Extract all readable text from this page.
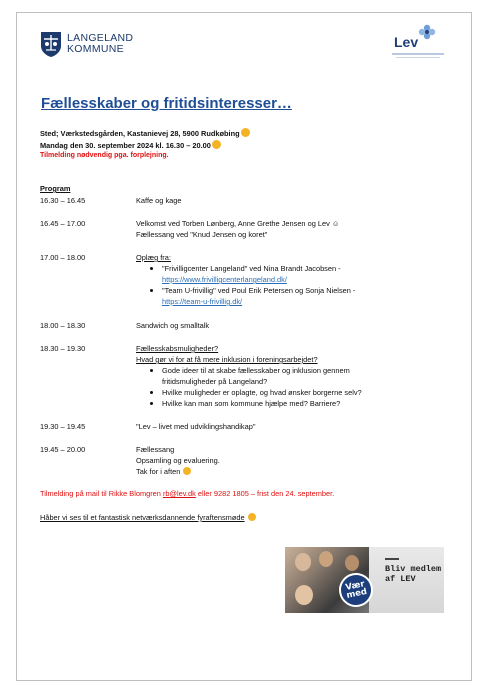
LANGELAND
KOMMUNE	Lev
Fællesskaber og fritidsinteresser…
Sted; Værkstedsgården, Kastanievej 28, 5900 Rudkøbing
Mandag den 30. september 2024 kl. 16.30 – 20.00
Tilmelding nødvendig pga. forplejning.
Program
16.30 – 16.45	Kaffe og kage
16.45 – 17.00	Velkomst ved Torben Lønberg, Anne Grethe Jensen og Lev ☺
Fællessang ved "Knud Jensen og koret"
17.00 – 18.00	Oplæg fra:
"Frivilligcenter Langeland" ved Nina Brandt Jacobsen -
https://www.frivilligcenterlangeland.dk/
"Team U-frivillig" ved Poul Erik Petersen og Sonja Nielsen -
https://team-u-frivillig.dk/
18.00 – 18.30	Sandwich og smalltalk
18.30 – 19.30	Fællesskabsmuligheder?
Hvad gør vi for at få mere inklusion i foreningsarbejdet?
Gode ideer til at skabe fællesskaber og inklusion gennem
fritidsmuligheder på Langeland?
Hvilke muligheder er oplagte, og hvad ønsker borgerne selv?
Hvilke kan man som kommune hjælpe med? Barriere?
19.30 – 19.45	"Lev – livet med udviklingshandikap"
19.45 – 20.00	Fællessang
Opsamling og evaluering.
Tak for i aften
Tilmelding på mail til Rikke Blomgren rb@lev.dk eller 9282 1805 – frist den 24. september.
Håber vi ses til et fantastisk netværksdannende fyraftensmøde
Bliv medlem
af LEV
Vær
med
